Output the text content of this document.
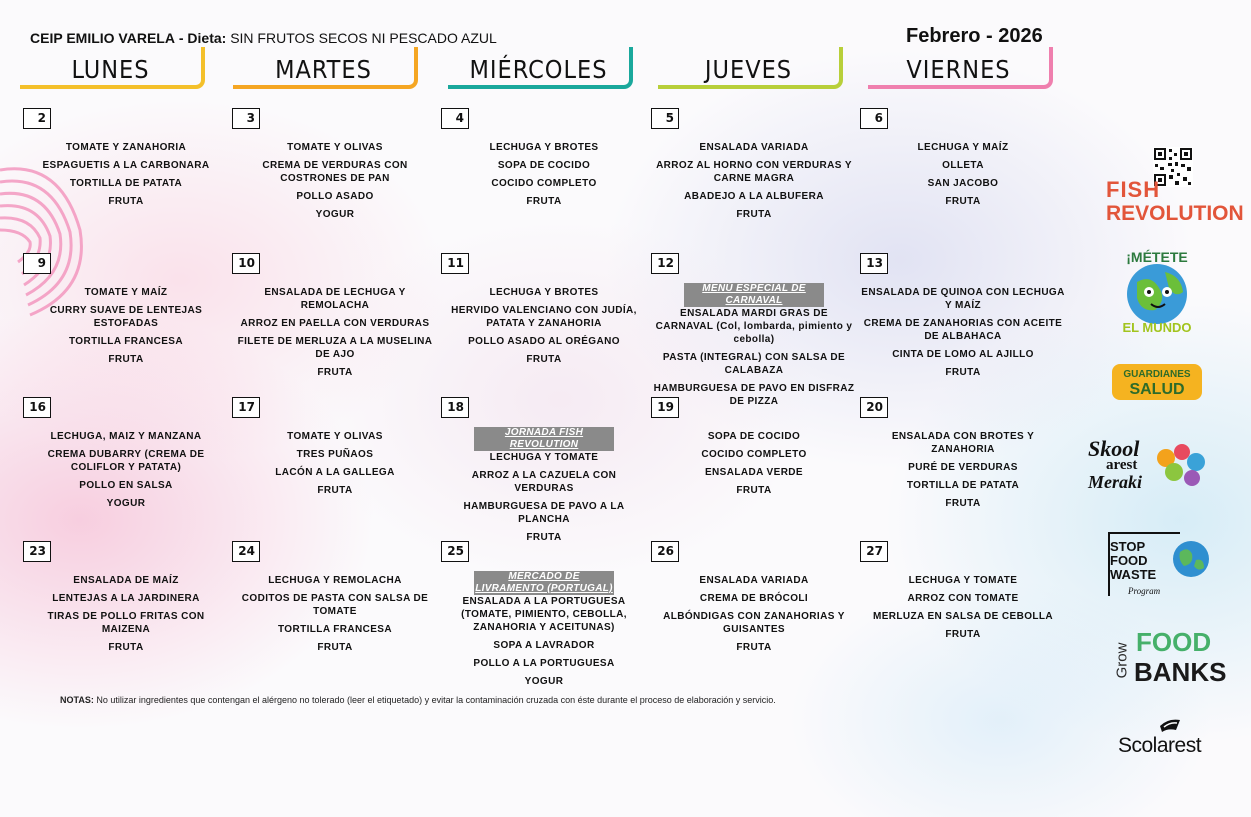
CEIP EMILIO VARELA - Dieta: SIN FRUTOS SECOS NI PESCADO AZUL	Febrero - 2026
LUNES	MARTES	MIÉRCOLES	JUEVES	VIERNES
2
TOMATE Y ZANAHORIA
ESPAGUETIS A LA CARBONARA
TORTILLA DE PATATA
FRUTA
3
TOMATE Y OLIVAS
CREMA DE VERDURAS CON COSTRONES DE PAN
POLLO ASADO
YOGUR
4
LECHUGA Y BROTES
SOPA DE COCIDO
COCIDO COMPLETO
FRUTA
5
ENSALADA VARIADA
ARROZ AL HORNO CON VERDURAS Y CARNE MAGRA
ABADEJO A LA ALBUFERA
FRUTA
6
LECHUGA Y MAÍZ
OLLETA
SAN JACOBO
FRUTA
9
TOMATE Y MAÍZ
CURRY SUAVE DE LENTEJAS ESTOFADAS
TORTILLA FRANCESA
FRUTA
10
ENSALADA DE LECHUGA Y REMOLACHA
ARROZ EN PAELLA CON VERDURAS
FILETE DE MERLUZA A LA MUSELINA DE AJO
FRUTA
11
LECHUGA Y BROTES
HERVIDO VALENCIANO CON JUDÍA, PATATA Y ZANAHORIA
POLLO ASADO AL ORÉGANO
FRUTA
12
MENÚ ESPECIAL DE CARNAVAL
ENSALADA MARDI GRAS DE CARNAVAL (Col, lombarda, pimiento y cebolla)
PASTA (INTEGRAL) CON SALSA DE CALABAZA
HAMBURGUESA DE PAVO EN DISFRAZ DE PIZZA
13
ENSALADA DE QUINOA CON LECHUGA Y MAÍZ
CREMA DE ZANAHORIAS CON ACEITE DE ALBAHACA
CINTA DE LOMO AL AJILLO
FRUTA
16
LECHUGA, MAIZ Y MANZANA
CREMA DUBARRY (CREMA DE COLIFLOR Y PATATA)
POLLO EN SALSA
YOGUR
17
TOMATE Y OLIVAS
TRES PUÑAOS
LACÓN A LA GALLEGA
FRUTA
18
JORNADA FISH REVOLUTION
LECHUGA Y TOMATE
ARROZ A LA CAZUELA CON VERDURAS
HAMBURGUESA DE PAVO A LA PLANCHA
FRUTA
19
SOPA DE COCIDO
COCIDO COMPLETO
ENSALADA VERDE
FRUTA
20
ENSALADA CON BROTES Y ZANAHORIA
PURÉ DE VERDURAS
TORTILLA DE PATATA
FRUTA
23
ENSALADA DE MAÍZ
LENTEJAS A LA JARDINERA
TIRAS DE POLLO FRITAS CON MAIZENA
FRUTA
24
LECHUGA Y REMOLACHA
CODITOS DE PASTA CON SALSA DE TOMATE
TORTILLA FRANCESA
FRUTA
25
MERCADO DE LIVRAMENTO (PORTUGAL)
ENSALADA A LA PORTUGUESA (TOMATE, PIMIENTO, CEBOLLA, ZANAHORIA Y ACEITUNAS)
SOPA A LAVRADOR
POLLO A LA PORTUGUESA
YOGUR
26
ENSALADA VARIADA
CREMA DE BRÓCOLI
ALBÓNDIGAS CON ZANAHORIAS Y GUISANTES
FRUTA
27
LECHUGA Y TOMATE
ARROZ CON TOMATE
MERLUZA EN SALSA DE CEBOLLA
FRUTA
NOTAS: No utilizar ingredientes que contengan el alérgeno no tolerado (leer el etiquetado) y evitar la contaminación cruzada con éste durante el proceso de elaboración y servicio.
FISH
REVOLUTION
¡MÉTETE
EL MUNDO
GUARDIANES
SALUD
Skool
arest
Meraki
STOP
FOOD
WASTE
Program
Grow
FOOD
BANKS
Scolarest
